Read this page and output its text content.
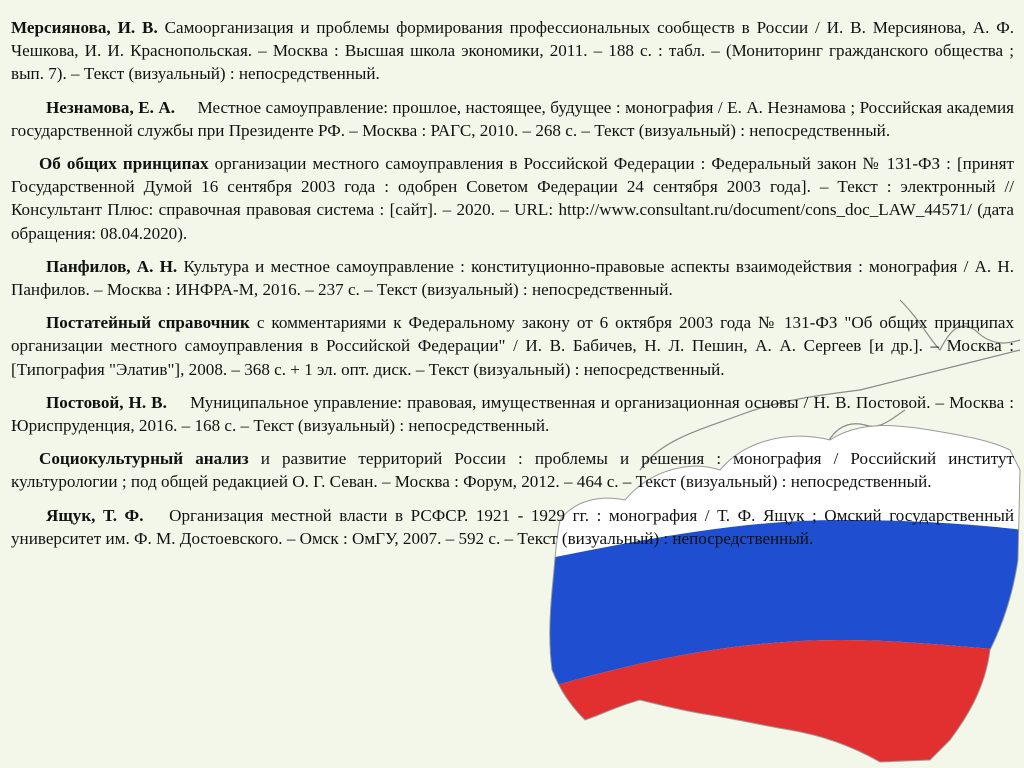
Мерсиянова, И. В. Самоорганизация и проблемы формирования профессиональных сообществ в России / И. В. Мерсиянова, А. Ф. Чешкова, И. И. Краснопольская. – Москва : Высшая школа экономики, 2011. – 188 с. : табл. – (Мониторинг гражданского общества ; вып. 7). – Текст (визуальный) : непосредственный.

Незнамова, Е. А. Местное самоуправление: прошлое, настоящее, будущее : монография / Е. А. Незнамова ; Российская академия государственной службы при Президенте РФ. – Москва : РАГС, 2010. – 268 с. – Текст (визуальный) : непосредственный.

Об общих принципах организации местного самоуправления в Российской Федерации : Федеральный закон № 131-ФЗ : [принят Государственной Думой 16 сентября 2003 года : одобрен Советом Федерации 24 сентября 2003 года]. – Текст : электронный // Консультант Плюс: справочная правовая система : [сайт]. – 2020. – URL: http://www.consultant.ru/document/cons_doc_LAW_44571/ (дата обращения: 08.04.2020).

Панфилов, А. Н. Культура и местное самоуправление : конституционно-правовые аспекты взаимодействия : монография / А. Н. Панфилов. – Москва : ИНФРА-М, 2016. – 237 с. – Текст (визуальный) : непосредственный.

Постатейный справочник с комментариями к Федеральному закону от 6 октября 2003 года № 131-ФЗ "Об общих принципах организации местного самоуправления в Российской Федерации" / И. В. Бабичев, Н. Л. Пешин, А. А. Сергеев [и др.]. – Москва : [Типография "Элатив"], 2008. – 368 с. + 1 эл. опт. диск. – Текст (визуальный) : непосредственный.

Постовой, Н. В. Муниципальное управление: правовая, имущественная и организационная основы / Н. В. Постовой. – Москва : Юриспруденция, 2016. – 168 с. – Текст (визуальный) : непосредственный.

Социокультурный анализ и развитие территорий России : проблемы и решения : монография / Российский институт культурологии ; под общей редакцией О. Г. Севан. – Москва : Форум, 2012. – 464 с. – Текст (визуальный) : непосредственный.

Ящук, Т. Ф. Организация местной власти в РСФСР. 1921 - 1929 гг. : монография / Т. Ф. Ящук ; Омский государственный университет им. Ф. М. Достоевского. – Омск : ОмГУ, 2007. – 592 с. – Текст (визуальный) : непосредственный.
